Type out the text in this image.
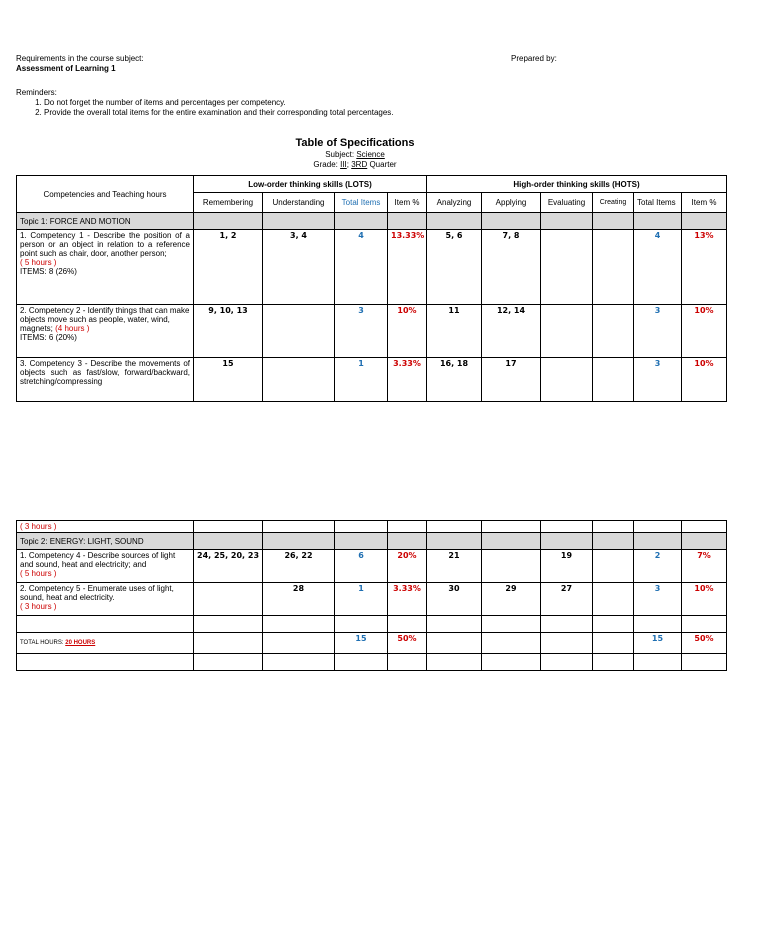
Requirements in the course subject:
Assessment of Learning 1
Prepared by:
Reminders:
1. Do not forget the number of items and percentages per competency.
2. Provide the overall total items for the entire examination and their corresponding total percentages.
Table of Specifications
Subject: Science
Grade: III; 3RD Quarter
Competencies and Teaching hours	Low-order thinking skills (LOTS)				High-order thinking skills (HOTS)					
	Remembering	Understanding	Total Items	Item %	Analyzing	Applying	Evaluating	Creating	Total Items	Item %
Topic 1: FORCE AND MOTION										

1. Competency 1 - Describe the position of a person or an object in relation to a reference point such as chair, door, another person;
( 5 hours )
ITEMS: 8 (26%)	1, 2	3, 4	4	13.33%	5, 6	7, 8			4	13%

2. Competency 2 - Identify things that can make objects move such as people, water, wind, magnets; (4 hours )
ITEMS: 6 (20%)	9, 10, 13		3	10%	11	12, 14			3	10%

3. Competency 3 - Describe the movements of objects such as fast/slow, forward/backward, stretching/compressing	15		1	3.33%	16, 18	17			3	10%
( 3 hours )										
Topic 2: ENERGY: LIGHT, SOUND										

1. Competency 4 - Describe sources of light and sound, heat and electricity; and
( 5 hours )	24, 25, 20, 23	26, 22	6	20%	21		19		2	7%

2. Competency 5 - Enumerate uses of light, sound, heat and electricity.
( 3 hours )		28	1	3.33%	30	29	27		3	10%

TOTAL HOURS: 20 HOURS			15	50%					15	50%
